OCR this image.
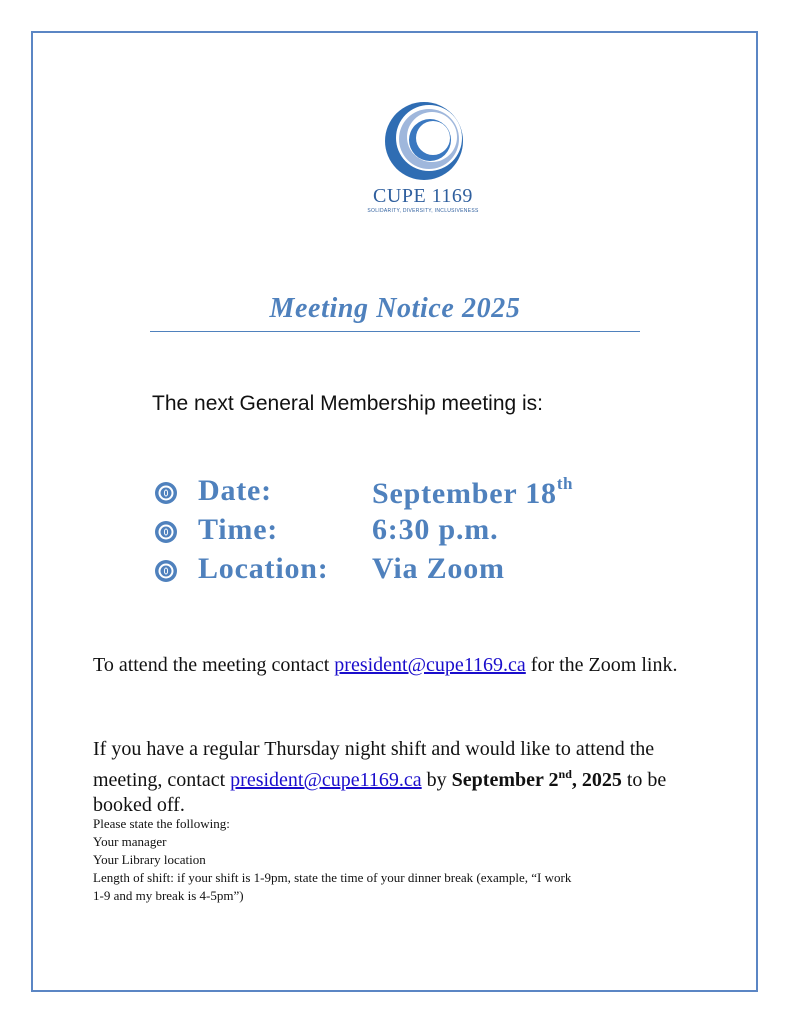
CUPE 1169
SOLIDARITY, DIVERSITY, INCLUSIVENESS
Meeting Notice 2025
The next General Membership meeting is:
Date:	September 18th
Time:	6:30 p.m.
Location: Via Zoom
To attend the meeting contact president@cupe1169.ca for the Zoom link.
If you have a regular Thursday night shift and would like to attend the meeting, contact president@cupe1169.ca by September 2nd, 2025 to be booked off.
Please state the following:
Your manager
Your Library location
Length of shift: if your shift is 1-9pm, state the time of your dinner break (example, “I work
1-9 and my break is 4-5pm”)
